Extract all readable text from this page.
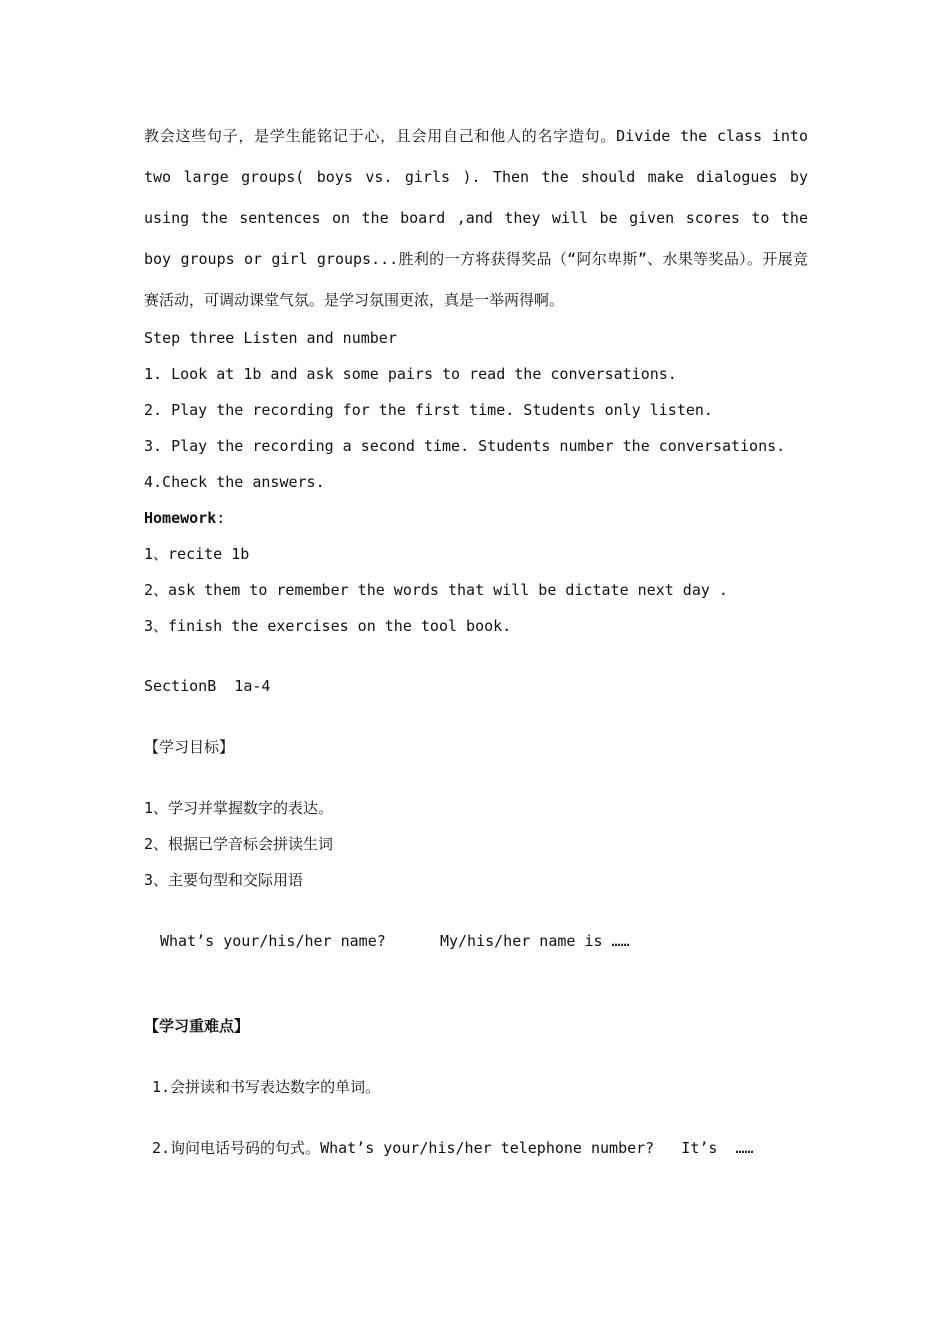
教会这些句子，是学生能铭记于心，且会用自己和他人的名字造句。Divide the class into two large groups( boys vs. girls ). Then the should make dialogues by using the sentences on the board ,and they will be given scores to the boy groups or girl groups...胜利的一方将获得奖品（“阿尔卑斯”、水果等奖品）。开展竞赛活动，可调动课堂气氛。是学习氛围更浓，真是一举两得啊。
Step three Listen and number
1. Look at 1b and ask some pairs to read the conversations.
2. Play the recording for the first time. Students only listen.
3. Play the recording a second time. Students number the conversations.
4.Check the answers.
Homework:
1、recite 1b
2、ask them to remember the words that will be dictate next day .
3、finish the exercises on the tool book.
SectionB  1a-4
【学习目标】
1、学习并掌握数字的表达。
2、根据已学音标会拼读生词
3、主要句型和交际用语
What’s your/his/her name?      My/his/her name is ……
【学习重难点】
1.会拼读和书写表达数字的单词。
2.询问电话号码的句式。What’s your/his/her telephone number?   It’s  ……
